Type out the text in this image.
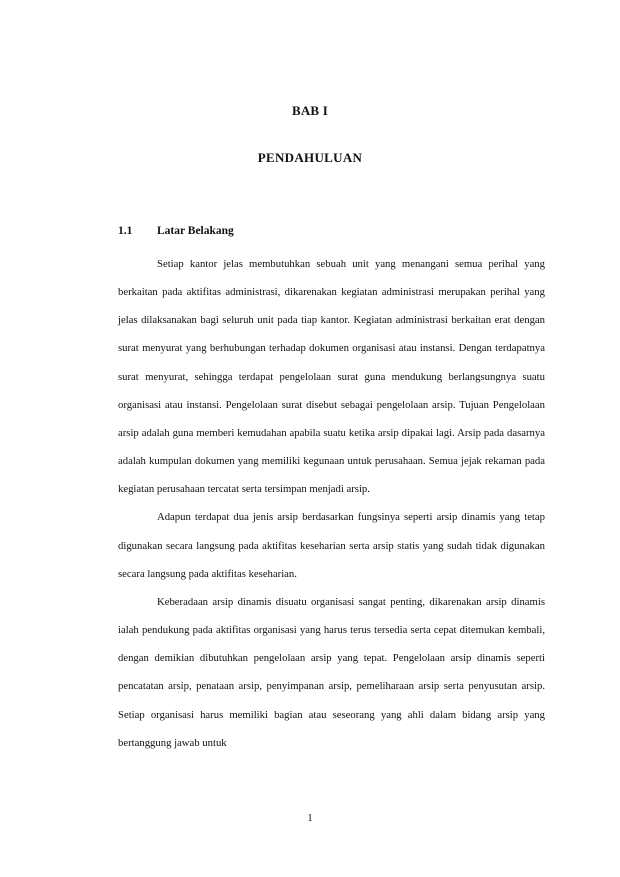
BAB I
PENDAHULUAN
1.1 Latar Belakang

Setiap kantor jelas membutuhkan sebuah unit yang menangani semua perihal yang berkaitan pada aktifitas administrasi, dikarenakan kegiatan administrasi merupakan perihal yang jelas dilaksanakan bagi seluruh unit pada tiap kantor. Kegiatan administrasi berkaitan erat dengan surat menyurat yang berhubungan terhadap dokumen organisasi atau instansi. Dengan terdapatnya surat menyurat, sehingga terdapat pengelolaan surat guna mendukung berlangsungnya suatu organisasi atau instansi. Pengelolaan surat disebut sebagai pengelolaan arsip. Tujuan Pengelolaan arsip adalah guna memberi kemudahan apabila suatu ketika arsip dipakai lagi. Arsip pada dasarnya adalah kumpulan dokumen yang memiliki kegunaan untuk perusahaan. Semua jejak rekaman pada kegiatan perusahaan tercatat serta tersimpan menjadi arsip.

Adapun terdapat dua jenis arsip berdasarkan fungsinya seperti arsip dinamis yang tetap digunakan secara langsung pada aktifitas keseharian serta arsip statis yang sudah tidak digunakan secara langsung pada aktifitas keseharian.

Keberadaan arsip dinamis disuatu organisasi sangat penting, dikarenakan arsip dinamis ialah pendukung pada aktifitas organisasi yang harus terus tersedia serta cepat ditemukan kembali, dengan demikian dibutuhkan pengelolaan arsip yang tepat. Pengelolaan arsip dinamis seperti pencatatan arsip, penataan arsip, penyimpanan arsip, pemeliharaan arsip serta penyusutan arsip. Setiap organisasi harus memiliki bagian atau seseorang yang ahli dalam bidang arsip yang bertanggung jawab untuk

1
